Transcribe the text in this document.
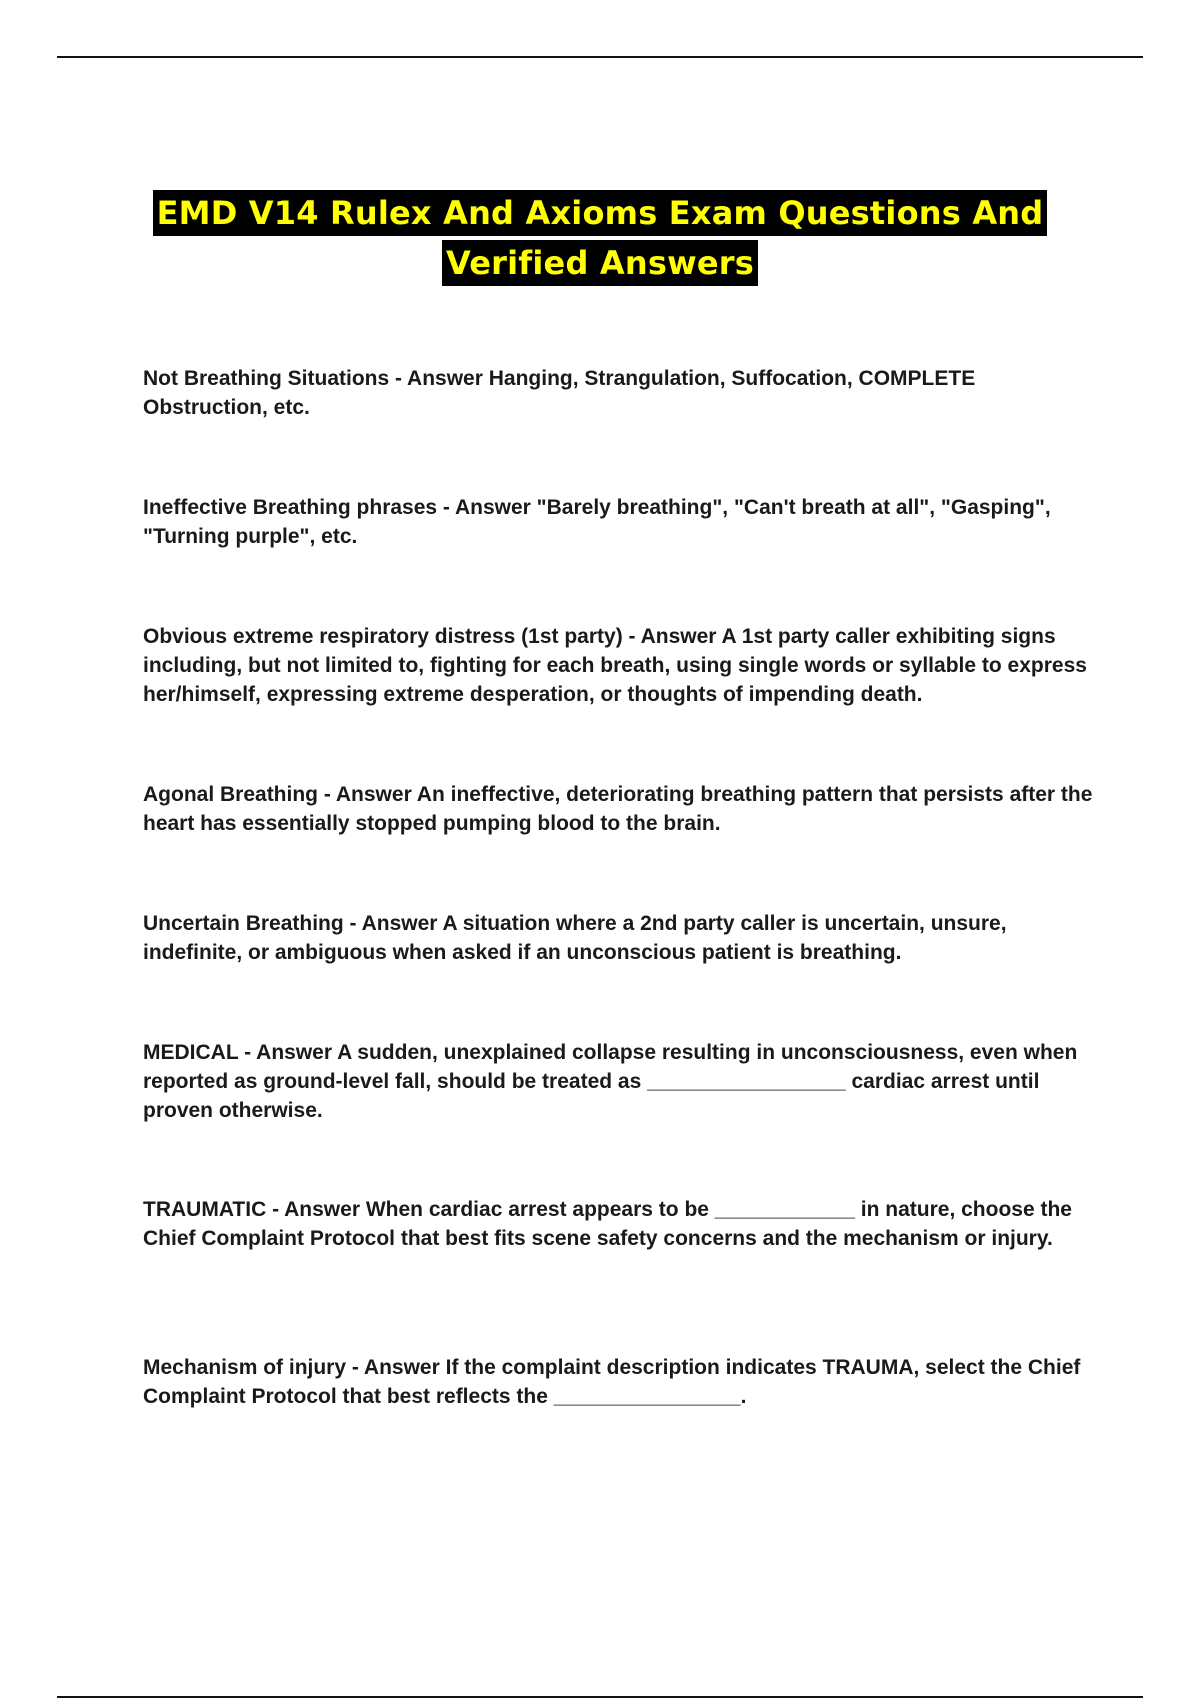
EMD V14 Rulex And Axioms Exam Questions And
Verified Answers

Not Breathing Situations - Answer Hanging, Strangulation, Suffocation, COMPLETE Obstruction, etc.

Ineffective Breathing phrases - Answer "Barely breathing", "Can't breath at all", "Gasping", "Turning purple", etc.

Obvious extreme respiratory distress (1st party) - Answer A 1st party caller exhibiting signs including, but not limited to, fighting for each breath, using single words or syllable to express her/himself, expressing extreme desperation, or thoughts of impending death.

Agonal Breathing - Answer An ineffective, deteriorating breathing pattern that persists after the heart has essentially stopped pumping blood to the brain.

Uncertain Breathing - Answer A situation where a 2nd party caller is uncertain, unsure, indefinite, or ambiguous when asked if an unconscious patient is breathing.

MEDICAL - Answer A sudden, unexplained collapse resulting in unconsciousness, even when reported as ground-level fall, should be treated as _________________ cardiac arrest until proven otherwise.

TRAUMATIC - Answer When cardiac arrest appears to be ____________ in nature, choose the Chief Complaint Protocol that best fits scene safety concerns and the mechanism or injury.

Mechanism of injury - Answer If the complaint description indicates TRAUMA, select the Chief Complaint Protocol that best reflects the ________________.
